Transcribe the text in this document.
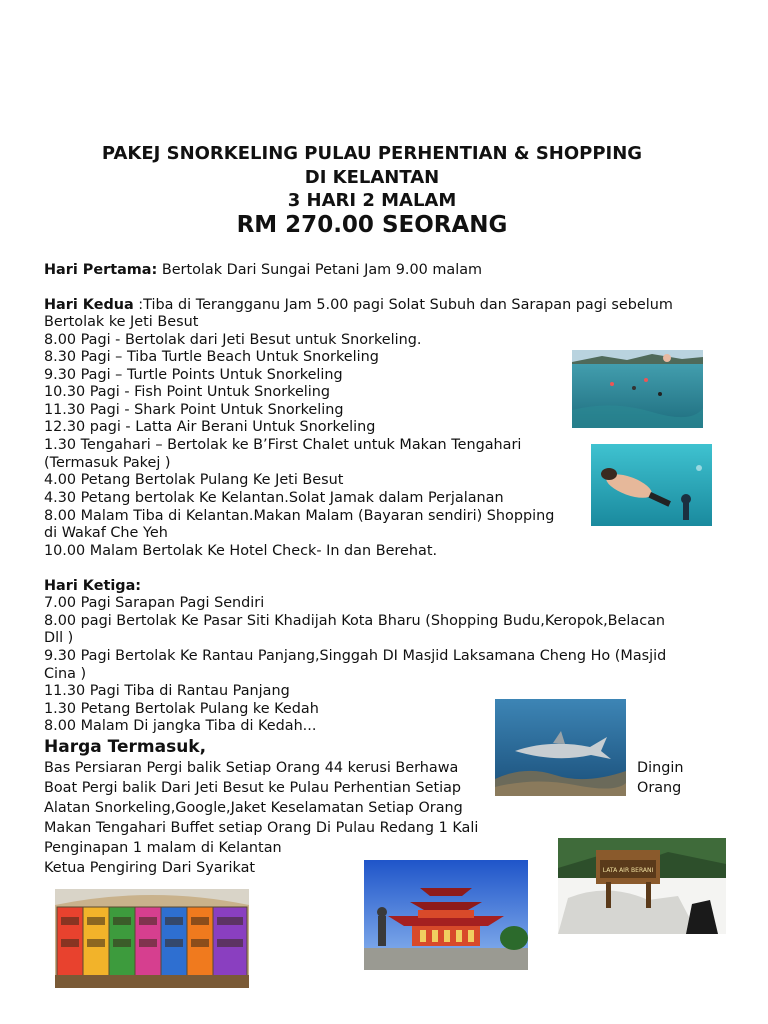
PAKEJ SNORKELING PULAU PERHENTIAN & SHOPPING
DI KELANTAN
3 HARI 2 MALAM
RM 270.00 SEORANG
Hari Pertama: Bertolak Dari Sungai Petani Jam 9.00 malam
Hari Kedua :Tiba di Terangganu Jam 5.00 pagi Solat Subuh dan Sarapan pagi sebelum
Bertolak ke Jeti Besut
8.00 Pagi - Bertolak dari Jeti Besut untuk Snorkeling.
8.30 Pagi – Tiba Turtle Beach Untuk Snorkeling
9.30 Pagi – Turtle Points Untuk Snorkeling
10.30 Pagi - Fish Point Untuk Snorkeling
11.30 Pagi - Shark Point Untuk Snorkeling
12.30 pagi - Latta Air Berani Untuk Snorkeling
1.30 Tengahari – Bertolak ke B’First Chalet untuk Makan Tengahari
(Termasuk Pakej )
4.00 Petang Bertolak Pulang Ke Jeti Besut
4.30 Petang bertolak Ke Kelantan.Solat Jamak dalam Perjalanan
8.00 Malam Tiba di Kelantan.Makan Malam (Bayaran sendiri) Shopping
di Wakaf Che Yeh
10.00 Malam Bertolak Ke Hotel Check- In dan Berehat.
Hari Ketiga:
7.00 Pagi Sarapan Pagi Sendiri
8.00 pagi Bertolak Ke Pasar Siti Khadijah Kota Bharu (Shopping Budu,Keropok,Belacan
Dll )
9.30 Pagi Bertolak Ke Rantau Panjang,Singgah DI Masjid Laksamana Cheng Ho (Masjid
Cina )
11.30 Pagi Tiba di Rantau Panjang
1.30 Petang Bertolak Pulang ke Kedah
8.00 Malam Di jangka Tiba di Kedah...
Harga Termasuk,
Bas Persiaran Pergi balik Setiap Orang 44 kerusi Berhawa
Boat Pergi balik Dari Jeti Besut ke Pulau Perhentian Setiap
Alatan Snorkeling,Google,Jaket Keselamatan Setiap Orang
Makan Tengahari Buffet setiap Orang Di Pulau Redang 1 Kali
Penginapan 1 malam di Kelantan
Ketua Pengiring Dari Syarikat
Dingin
Orang
LATA AIR BERANI
